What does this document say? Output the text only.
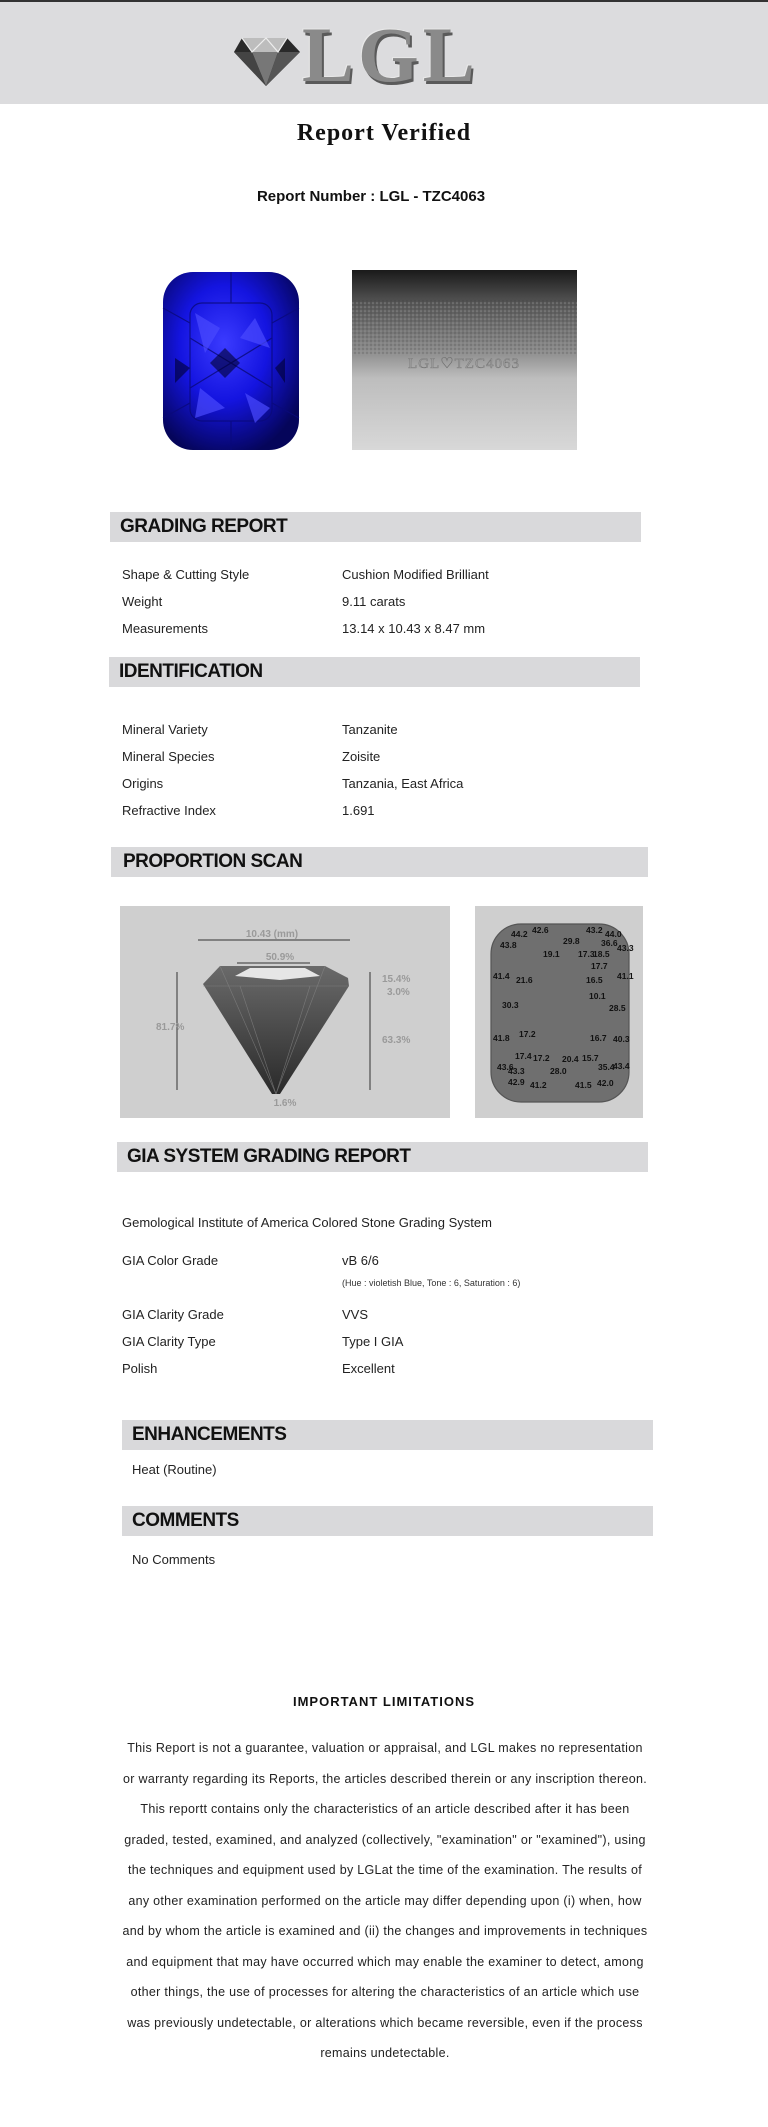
LGL
Report Verified
Report Number : LGL - TZC4063
LGL♡TZC4063
GRADING REPORT
Shape & Cutting Style	Cushion Modified Brilliant
Weight	9.11 carats
Measurements	13.14 x 10.43 x 8.47 mm
IDENTIFICATION
Mineral Variety	Tanzanite
Mineral Species	Zoisite
Origins	Tanzania, East Africa
Refractive Index	1.691
PROPORTION SCAN
10.43 (mm)
50.9%
15.4%
3.0%
63.3%
81.7%
1.6%
44.2 42.6
29.8
43.2 44.0
43.8	36.6
19.1 17.3
18.5
43.3
17.7
41.4 21.6	16.5 41.1
10.1
30.3	28.5
17.2
41.8	16.7 40.3
17.4 17.2 20.4 15.7
43.6	35.4
43.4
43.3	28.0
42.9 41.2	41.5 42.0
GIA SYSTEM GRADING REPORT
Gemological Institute of America Colored Stone Grading System
GIA Color Grade	vB 6/6
(Hue : violetish Blue, Tone : 6, Saturation : 6)
GIA Clarity Grade	VVS
GIA Clarity Type	Type I GIA
Polish	Excellent
ENHANCEMENTS
Heat (Routine)
COMMENTS
No Comments
IMPORTANT LIMITATIONS
This Report is not a guarantee, valuation or appraisal, and LGL makes no representation or warranty regarding its Reports, the articles described therein or any inscription thereon. This reportt contains only the characteristics of an article described after it has been graded, tested, examined, and analyzed (collectively, "examination" or "examined"), using the techniques and equipment used by LGLat the time of the examination. The results of any other examination performed on the article may differ depending upon (i) when, how and by whom the article is examined and (ii) the changes and improvements in techniques and equipment that may have occurred which may enable the examiner to detect, among other things, the use of processes for altering the characteristics of an article which use was previously undetectable, or alterations which became reversible, even if the process remains undetectable.
